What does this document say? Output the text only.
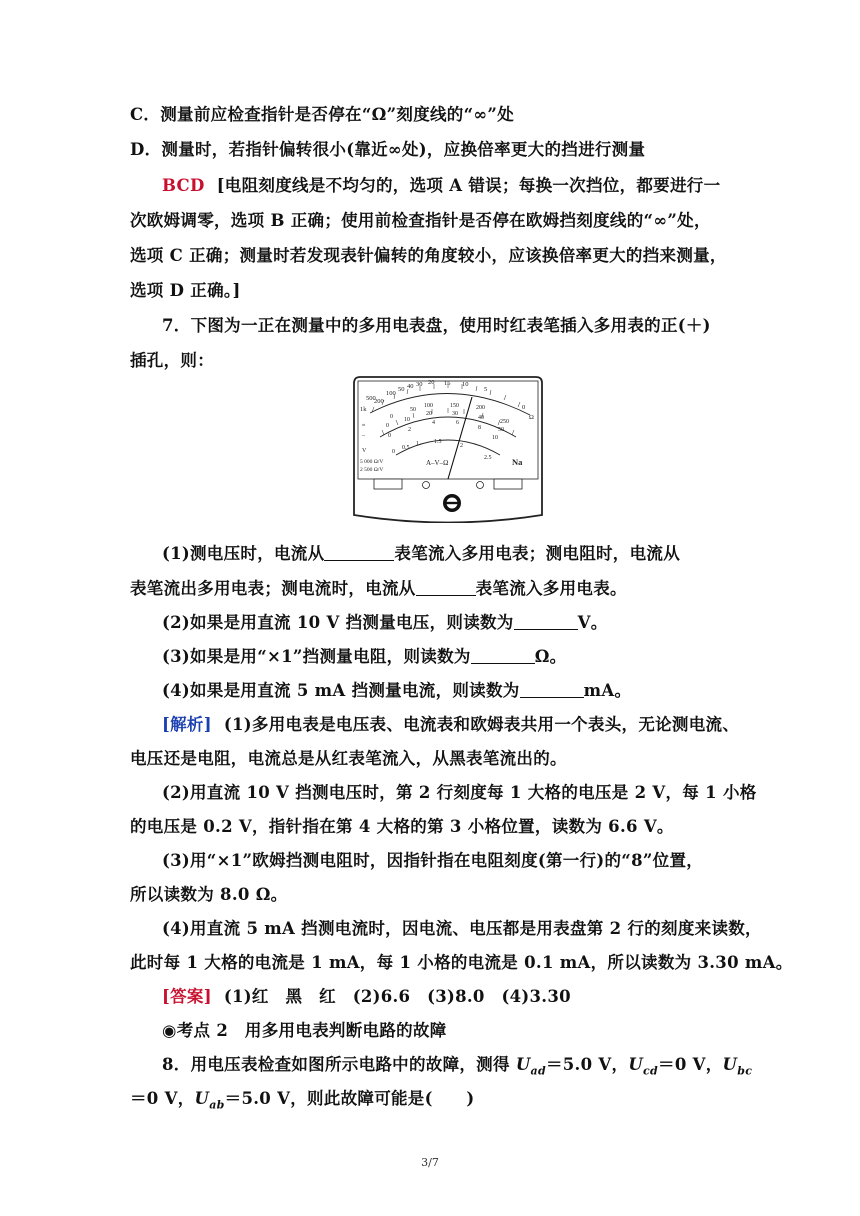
C．测量前应检查指针是否停在“Ω”刻度线的“∞”处
D．测量时，若指针偏转很小(靠近∞处)，应换倍率更大的挡进行测量
BCD [电阻刻度线是不均匀的，选项 A 错误；每换一次挡位，都要进行一
次欧姆调零，选项 B 正确；使用前检查指针是否停在欧姆挡刻度线的“∞”处，
选项 C 正确；测量时若发现表针偏转的角度较小，应该换倍率更大的挡来测量，
选项 D 正确。]
7．下图为一正在测量中的多用电表盘，使用时红表笔插入多用表的正(＋)
插孔，则：
500
1k
200
100
50 40 30 20 15 10
5
0
Ω
0
50
100	150	200
250
0
10
20	30
40
50
0
2
4	6
8
10
0
0.5
1	1.5
2
2.5
≈
–
V
5 000 Ω/V
2 500 Ω/V
A–V–Ω	Na
(1)测电压时，电流从	表笔流入多用电表；测电阻时，电流从
表笔流出多用电表；测电流时，电流从	表笔流入多用电表。
(2)如果是用直流 10 V 挡测量电压，则读数为	V。
(3)如果是用“×1”挡测量电阻，则读数为	Ω。
(4)如果是用直流 5 mA 挡测量电流，则读数为	mA。
[解析] (1)多用电表是电压表、电流表和欧姆表共用一个表头，无论测电流、
电压还是电阻，电流总是从红表笔流入，从黑表笔流出的。
(2)用直流 10 V 挡测电压时，第 2 行刻度每 1 大格的电压是 2 V，每 1 小格
的电压是 0.2 V，指针指在第 4 大格的第 3 小格位置，读数为 6.6 V。
(3)用“×1”欧姆挡测电阻时，因指针指在电阻刻度(第一行)的“8”位置，
所以读数为 8.0 Ω。
(4)用直流 5 mA 挡测电流时，因电流、电压都是用表盘第 2 行的刻度来读数，
此时每 1 大格的电流是 1 mA，每 1 小格的电流是 0.1 mA，所以读数为 3.30 mA。
[答案] (1)红　黑　红　(2)6.6　(3)8.0　(4)3.30
◉考点 2　用多用电表判断电路的故障
8．用电压表检查如图所示电路中的故障，测得 $U_{ad}=5.0$ V，$U_{cd}=0$ V，$U_{bc}$
＝0 V，$U_{ab}=5.0$ V，则此故障可能是(　　)
3/7
